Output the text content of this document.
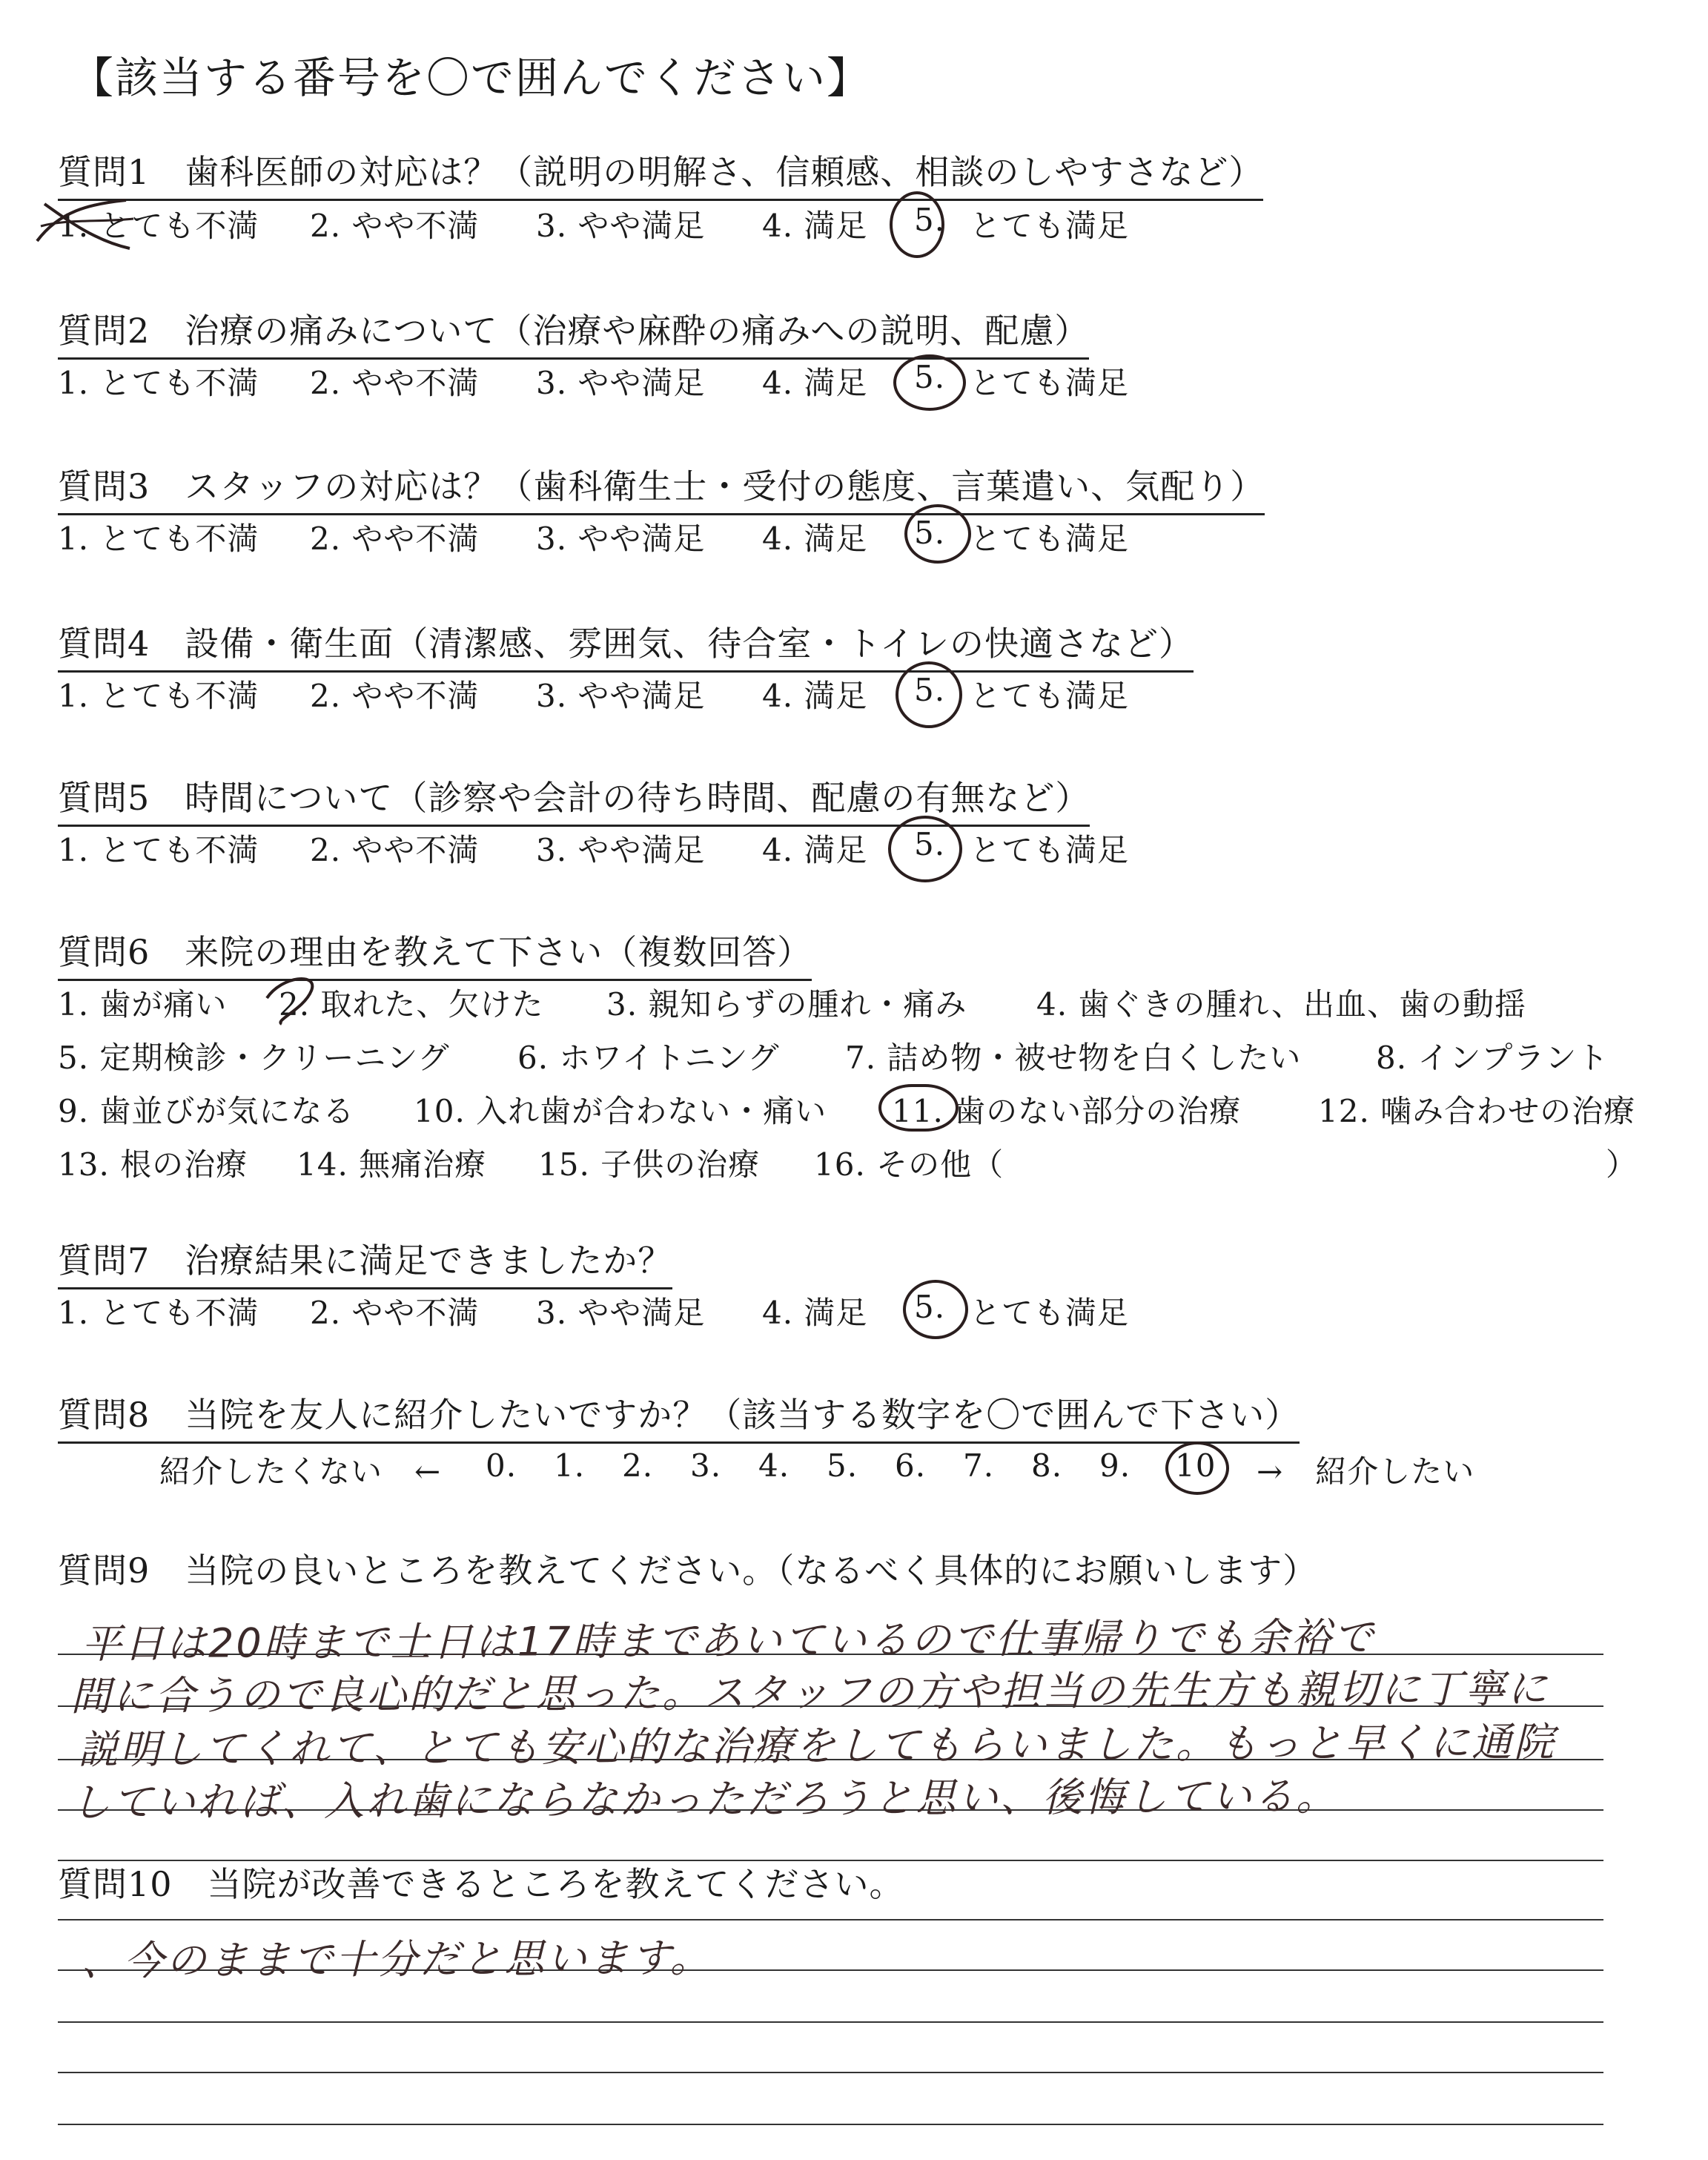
【該当する番号を〇で囲んでください】
質問1　歯科医師の対応は？（説明の明解さ、信頼感、相談のしやすさなど）
1. とても不満 2. やや不満 3. やや満足 4. 満足 5. とても満足
質問2　治療の痛みについて（治療や麻酔の痛みへの説明、配慮）
1. とても不満 2. やや不満 3. やや満足 4. 満足 5. とても満足
質問3　スタッフの対応は？（歯科衛生士・受付の態度、言葉遣い、気配り）
1. とても不満 2. やや不満 3. やや満足 4. 満足 5. とても満足
質問4　設備・衛生面（清潔感、雰囲気、待合室・トイレの快適さなど）
1. とても不満 2. やや不満 3. やや満足 4. 満足 5. とても満足
質問5　時間について（診察や会計の待ち時間、配慮の有無など）
1. とても不満 2. やや不満 3. やや満足 4. 満足 5. とても満足
質問6　来院の理由を教えて下さい（複数回答）
1. 歯が痛い 2. 取れた、欠けた 3. 親知らずの腫れ・痛み 4. 歯ぐきの腫れ、出血、歯の動揺
5. 定期検診・クリーニング 6. ホワイトニング 7. 詰め物・被せ物を白くしたい 8. インプラント
9. 歯並びが気になる 10. 入れ歯が合わない・痛い 11. 歯のない部分の治療 12. 噛み合わせの治療
13. 根の治療 14. 無痛治療 15. 子供の治療 16. その他（	）
質問7　治療結果に満足できましたか？
1. とても不満 2. やや不満 3. やや満足 4. 満足 5. とても満足
質問8　当院を友人に紹介したいですか？（該当する数字を〇で囲んで下さい）
紹介したくない　← 0. 1. 2. 3. 4. 5. 6. 7. 8. 9. 10 →　紹介したい
質問9　当院の良いところを教えてください。（なるべく具体的にお願いします）
平日は20時まで土日は17時まであいているので仕事帰りでも余裕で
間に合うので良心的だと思った。スタッフの方や担当の先生方も親切に丁寧に
説明してくれて、とても安心的な治療をしてもらいました。もっと早くに通院
していれば、入れ歯にならなかっただろうと思い、後悔している。
質問10　当院が改善できるところを教えてください。
、今のままで十分だと思います。
